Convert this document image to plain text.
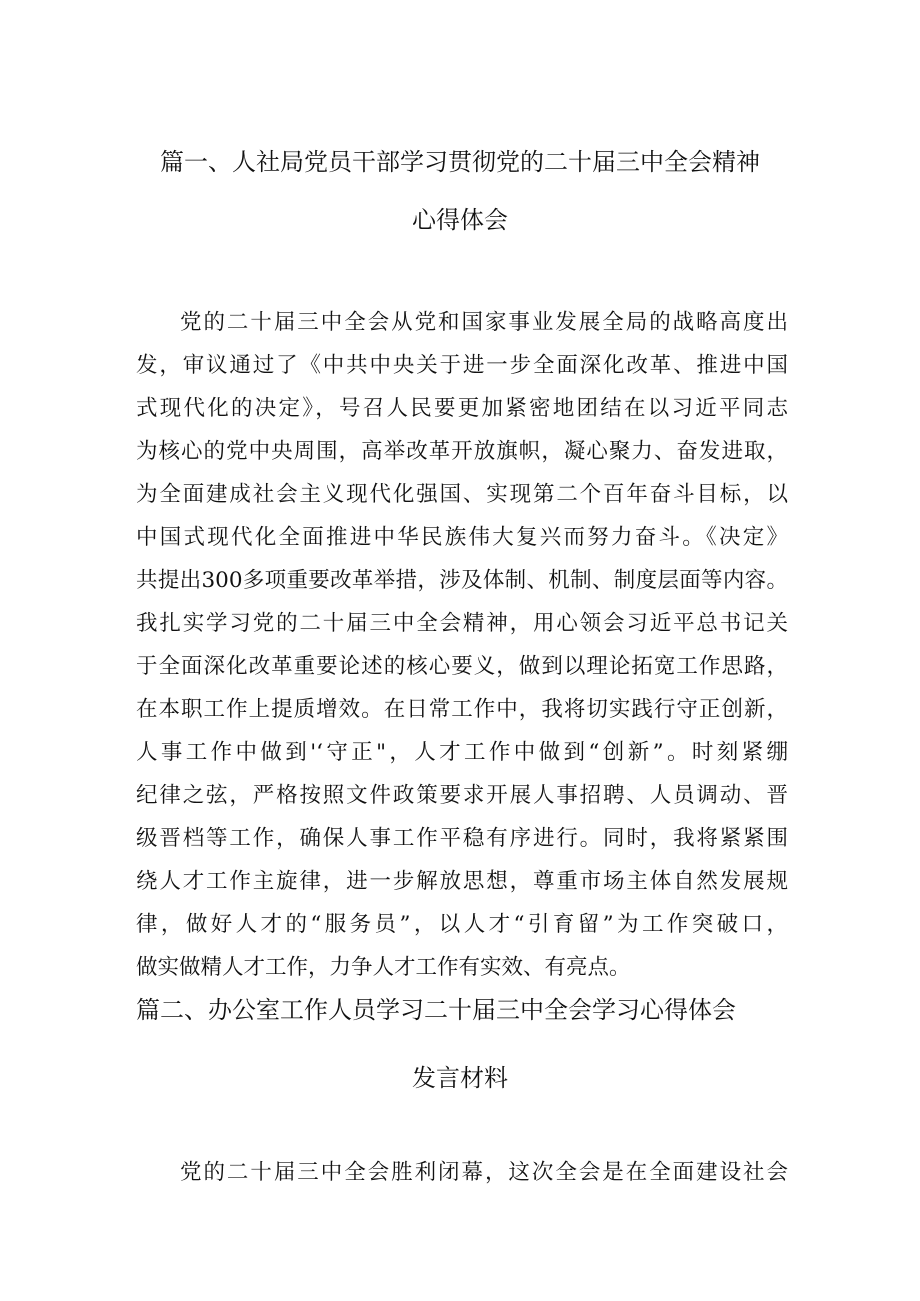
篇一、人社局党员干部学习贯彻党的二十届三中全会精神
心得体会
党的二十届三中全会从党和国家事业发展全局的战略高度出
发，审议通过了《中共中央关于进一步全面深化改革、推进中国
式现代化的决定》，号召人民要更加紧密地团结在以习近平同志
为核心的党中央周围，高举改革开放旗帜，凝心聚力、奋发进取，
为全面建成社会主义现代化强国、实现第二个百年奋斗目标，以
中国式现代化全面推进中华民族伟大复兴而努力奋斗。《决定》
共提出300多项重要改革举措，涉及体制、机制、制度层面等内容。
我扎实学习党的二十届三中全会精神，用心领会习近平总书记关
于全面深化改革重要论述的核心要义，做到以理论拓宽工作思路，
在本职工作上提质增效。在日常工作中，我将切实践行守正创新，
人事工作中做到'‘守正"，人才工作中做到“创新”。时刻紧绷
纪律之弦，严格按照文件政策要求开展人事招聘、人员调动、晋
级晋档等工作，确保人事工作平稳有序进行。同时，我将紧紧围
绕人才工作主旋律，进一步解放思想，尊重市场主体自然发展规
律，做好人才的“服务员”，以人才“引育留”为工作突破口，
做实做精人才工作，力争人才工作有实效、有亮点。
篇二、办公室工作人员学习二十届三中全会学习心得体会
发言材料
党的二十届三中全会胜利闭幕，这次全会是在全面建设社会
